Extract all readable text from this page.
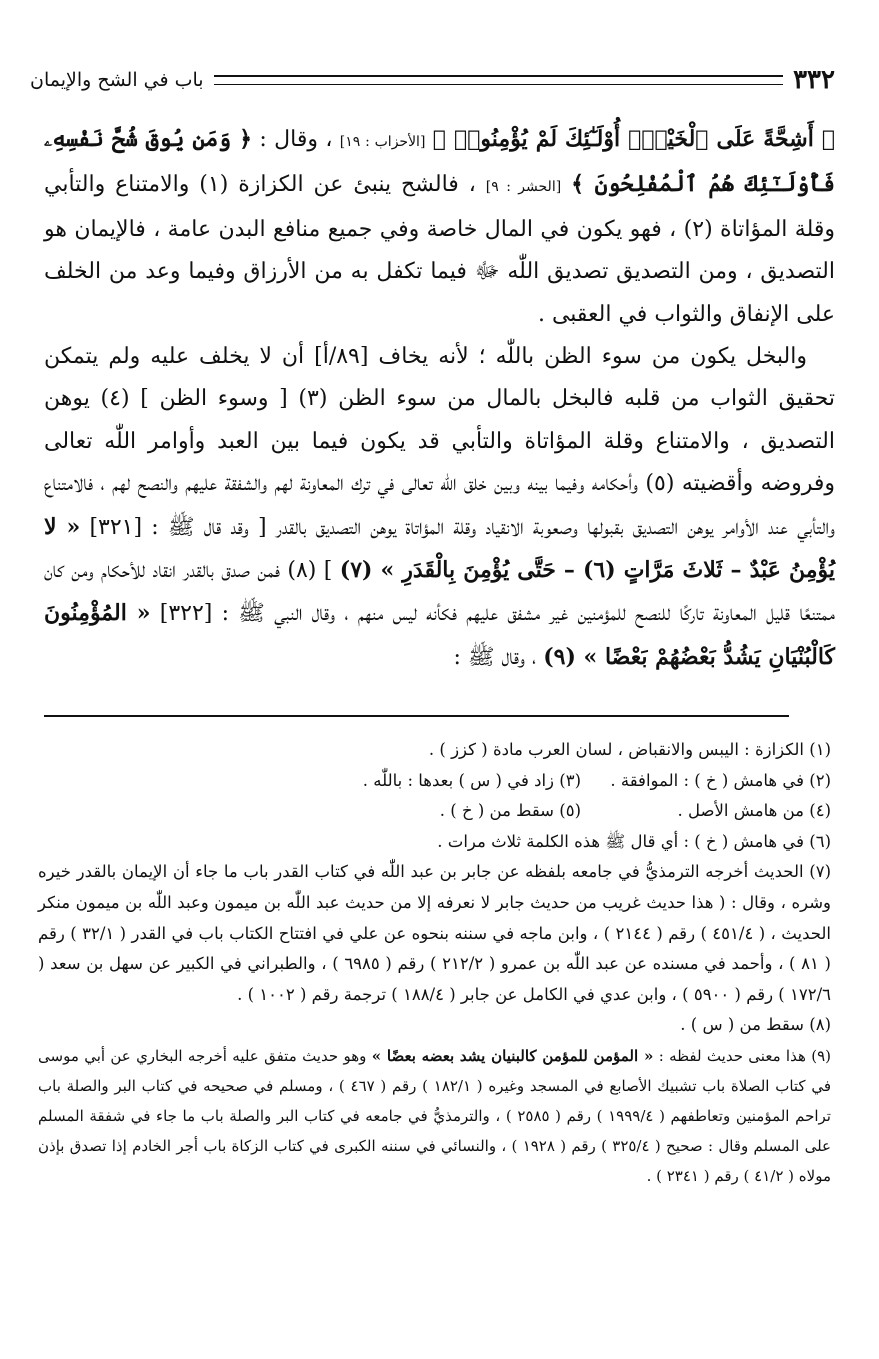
٣٣٢
باب في الشح والإيمان

﴿ أَشِحَّةً عَلَى ٱلْخَيْرِۚ أُوْلَـٰٓئِكَ لَمْ يُؤْمِنُوا۟ ﴾ [الأحزاب : ١٩] ، وقال : ﴿ وَمَن يُوقَ شُحَّ نَفْسِهِۦ فَأُوْلَـٰٓئِكَ هُمُ ٱلْمُفْلِحُونَ ﴾ [الحشر : ٩] ، فالشح ينبئ عن الكزازة (١) والامتناع والتأبي وقلة المؤاتاة (٢) ، فهو يكون في المال خاصة وفي جميع منافع البدن عامة ، فالإيمان هو التصديق ، ومن التصديق تصديق اللّٰه ﷻ فيما تكفل به من الأرزاق وفيما وعد من الخلف على الإنفاق والثواب في العقبى .

والبخل يكون من سوء الظن باللّٰه ؛ لأنه يخاف [٨٩/أ] أن لا يخلف عليه ولم يتمكن تحقيق الثواب من قلبه فالبخل بالمال من سوء الظن (٣) [ وسوء الظن ] (٤) يوهن التصديق ، والامتناع وقلة المؤاتاة والتأبي قد يكون فيما بين العبد وأوامر اللّٰه تعالى وفروضه وأقضيته (٥) وأحكامه وفيما بينه وبين خلق اللّٰه تعالى في ترك المعاونة لهم والشفقة عليهم والنصح لهم ، فالامتناع والتأبي عند الأوامر يوهن التصديق بقبولها وصعوبة الانقياد وقلة المؤاتاة يوهن التصديق بالقدر [ وقد قال ﷺ : [٣٢١] « لا يُؤْمِنُ عَبْدٌ – ثَلاثَ مَرَّاتٍ (٦) – حَتَّى يُؤْمِنَ بِالْقَدَرِ » (٧) ] (٨) فمن صدق بالقدر انقاد للأحكام ومن كان ممتنعًا قليل المعاونة تاركًا للنصح للمؤمنين غير مشفق عليهم فكأنه ليس منهم ، وقال النبي ﷺ : [٣٢٢] « المُؤْمِنُونَ كَالْبُنْيَانِ يَشُدُّ بَعْضُهُمْ بَعْضًا » (٩) ، وقال ﷺ :

(١) الكزازة : اليبس والانقباض ، لسان العرب مادة ( كزز ) .

(٢) في هامش ( خ ) : الموافقة .
(٣) زاد في ( س ) بعدها : باللّٰه .
(٤) من هامش الأصل .
(٥) سقط من ( خ ) .

(٦) في هامش ( خ ) : أي قال ﷺ هذه الكلمة ثلاث مرات .

(٧) الحديث أخرجه الترمذيُّ في جامعه بلفظه عن جابر بن عبد اللّٰه في كتاب القدر باب ما جاء أن الإيمان بالقدر خيره وشره ، وقال : ( هذا حديث غريب من حديث جابر لا نعرفه إلا من حديث عبد اللّٰه بن ميمون وعبد اللّٰه بن ميمون منكر الحديث ، ( ٤٥١/٤ ) رقم ( ٢١٤٤ ) ، وابن ماجه في سننه بنحوه عن علي في افتتاح الكتاب باب في القدر ( ٣٢/١ ) رقم ( ٨١ ) ، وأحمد في مسنده عن عبد اللّٰه بن عمرو ( ٢١٢/٢ ) رقم ( ٦٩٨٥ ) ، والطبراني في الكبير عن سهل بن سعد ( ١٧٢/٦ ) رقم ( ٥٩٠٠ ) ، وابن عدي في الكامل عن جابر ( ١٨٨/٤ ) ترجمة رقم ( ١٠٠٢ ) .

(٨) سقط من ( س ) .

(٩) هذا معنى حديث لفظه : « المؤمن للمؤمن كالبنيان يشد بعضه بعضًا » وهو حديث متفق عليه أخرجه البخاري عن أبي موسى في كتاب الصلاة باب تشبيك الأصابع في المسجد وغيره ( ١٨٢/١ ) رقم ( ٤٦٧ ) ، ومسلم في صحيحه في كتاب البر والصلة باب تراحم المؤمنين وتعاطفهم ( ١٩٩٩/٤ ) رقم ( ٢٥٨٥ ) ، والترمذيُّ في جامعه في كتاب البر والصلة باب ما جاء في شفقة المسلم على المسلم وقال : صحيح ( ٣٢٥/٤ ) رقم ( ١٩٢٨ ) ، والنسائي في سننه الكبرى في كتاب الزكاة باب أجر الخادم إذا تصدق بإذن مولاه ( ٤١/٢ ) رقم ( ٢٣٤١ ) .
